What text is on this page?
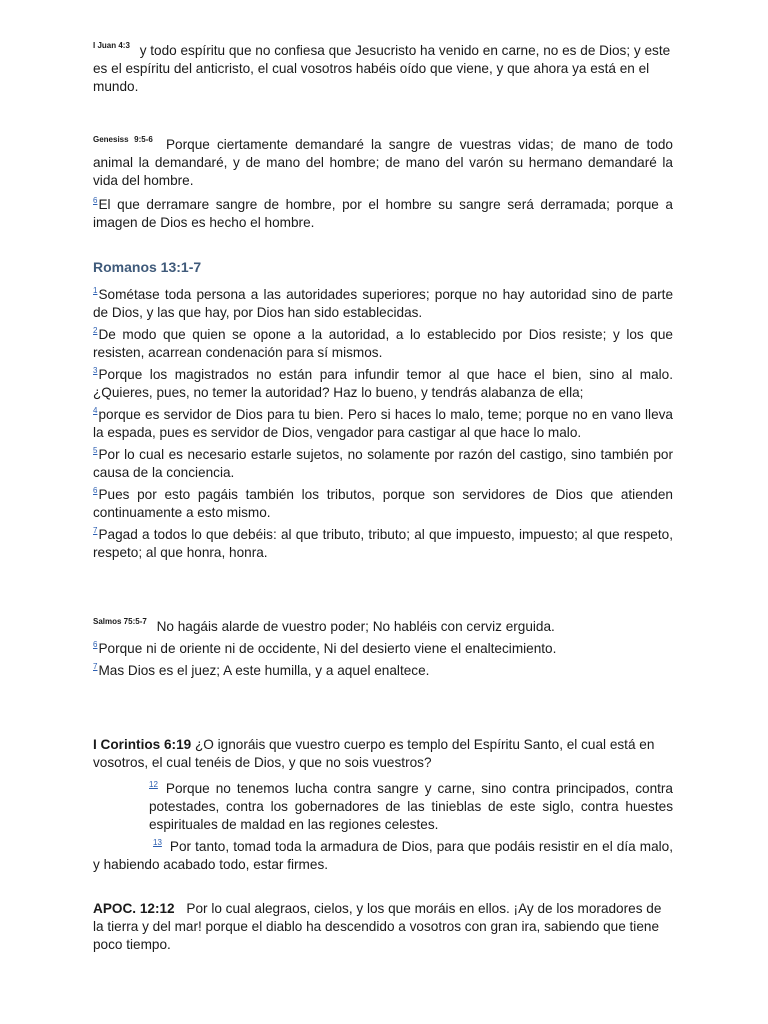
$^{I Juan 4:3}$ y todo espíritu que no confiesa que Jesucristo ha venido en carne, no es de Dios; y este es el espíritu del anticristo, el cual vosotros habéis oído que viene, y que ahora ya está en el mundo.

$^{Genesiss 9:5-6}$ Porque ciertamente demandaré la sangre de vuestras vidas; de mano de todo animal la demandaré, y de mano del hombre; de mano del varón su hermano demandaré la vida del hombre.

$^6$El que derramare sangre de hombre, por el hombre su sangre será derramada; porque a imagen de Dios es hecho el hombre.

Romanos 13:1-7

$^1$Sométase toda persona a las autoridades superiores; porque no hay autoridad sino de parte de Dios, y las que hay, por Dios han sido establecidas.

$^2$De modo que quien se opone a la autoridad, a lo establecido por Dios resiste; y los que resisten, acarrean condenación para sí mismos.

$^3$Porque los magistrados no están para infundir temor al que hace el bien, sino al malo. ¿Quieres, pues, no temer la autoridad? Haz lo bueno, y tendrás alabanza de ella;

$^4$porque es servidor de Dios para tu bien. Pero si haces lo malo, teme; porque no en vano lleva la espada, pues es servidor de Dios, vengador para castigar al que hace lo malo.

$^5$Por lo cual es necesario estarle sujetos, no solamente por razón del castigo, sino también por causa de la conciencia.

$^6$Pues por esto pagáis también los tributos, porque son servidores de Dios que atienden continuamente a esto mismo.

$^7$Pagad a todos lo que debéis: al que tributo, tributo; al que impuesto, impuesto; al que respeto, respeto; al que honra, honra.

$^{Salmos 75:5-7}$ No hagáis alarde de vuestro poder; No habléis con cerviz erguida.

$^6$Porque ni de oriente ni de occidente, Ni del desierto viene el enaltecimiento.

$^7$Mas Dios es el juez; A este humilla, y a aquel enaltece.

I Corintios 6:19 ¿O ignoráis que vuestro cuerpo es templo del Espíritu Santo, el cual está en vosotros, el cual tenéis de Dios, y que no sois vuestros?

$^{12}$ Porque no tenemos lucha contra sangre y carne, sino contra principados, contra potestades, contra los gobernadores de las tinieblas de este siglo, contra huestes espirituales de maldad en las regiones celestes.

$^{13}$ Por tanto, tomad toda la armadura de Dios, para que podáis resistir en el día malo, y habiendo acabado todo, estar firmes.

APOC. 12:12 Por lo cual alegraos, cielos, y los que moráis en ellos. ¡Ay de los moradores de la tierra y del mar! porque el diablo ha descendido a vosotros con gran ira, sabiendo que tiene poco tiempo.
